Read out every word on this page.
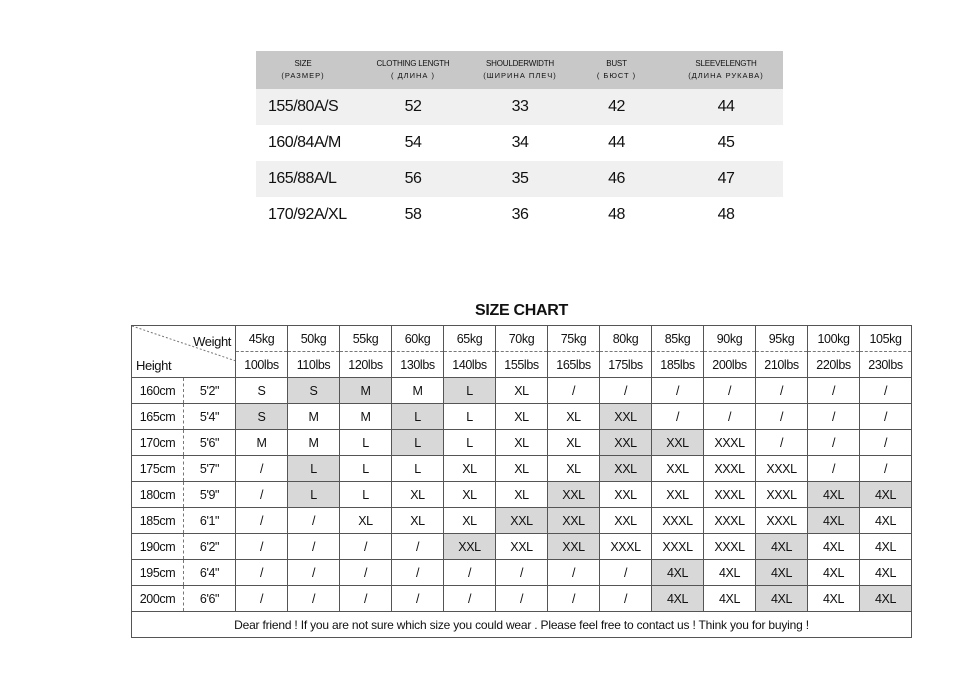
SIZE
(РАЗМЕР)	CLOTHING LENGTH
( ДЛИНА )	SHOULDERWIDTH
(ШИРИНА ПЛЕЧ)	BUST
( БЮСТ )	SLEEVELENGTH
(ДЛИНА РУКАВА)

155/80A/S	52	33	42	44
160/84A/M	54	34	44	45
165/88A/L	56	35	46	47
170/92A/XL	58	36	48	48
SIZE CHART
Weight
Height		45kg	50kg	55kg	60kg	65kg	70kg	75kg	80kg	85kg	90kg	95kg	100kg	105kg
		100lbs	110lbs	120lbs	130lbs	140lbs	155lbs	165lbs	175lbs	185lbs	200lbs	210lbs	220lbs	230lbs
160cm	5'2"	S	S	M	M	L	XL	/	/	/	/	/	/	/
165cm	5'4"	S	M	M	L	L	XL	XL	XXL	/	/	/	/	/
170cm	5'6"	M	M	L	L	L	XL	XL	XXL	XXL	XXXL	/	/	/
175cm	5'7"	/	L	L	L	XL	XL	XL	XXL	XXL	XXXL	XXXL	/	/
180cm	5'9"	/	L	L	XL	XL	XL	XXL	XXL	XXL	XXXL	XXXL	4XL	4XL
185cm	6'1"	/	/	XL	XL	XL	XXL	XXL	XXL	XXXL	XXXL	XXXL	4XL	4XL
190cm	6'2"	/	/	/	/	XXL	XXL	XXL	XXXL	XXXL	XXXL	4XL	4XL	4XL
195cm	6'4"	/	/	/	/	/	/	/	/	4XL	4XL	4XL	4XL	4XL
200cm	6'6"	/	/	/	/	/	/	/	/	4XL	4XL	4XL	4XL	4XL
Dear friend ! If you are not sure which size you could wear . Please feel free to contact us ! Think you for buying !														
